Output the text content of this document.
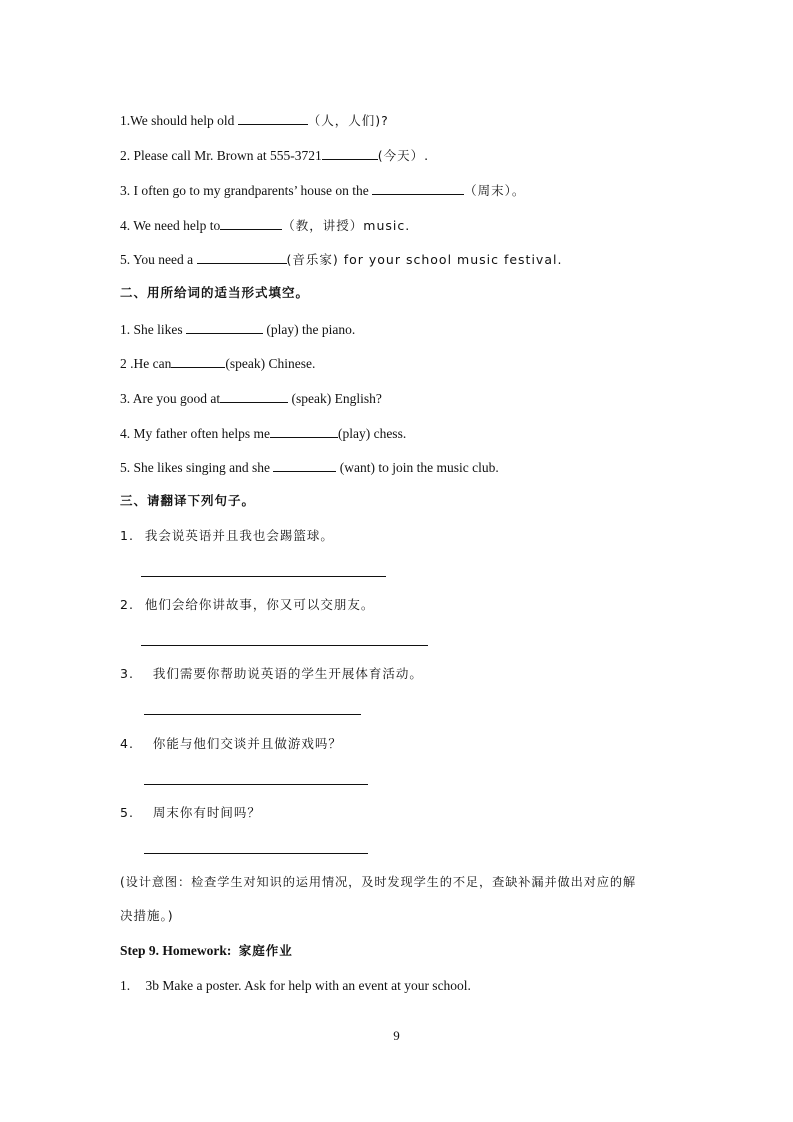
1.We should help old	（人，人们)?
2. Please call Mr. Brown at 555-3721	(今天）.
3. I often go to my grandparents’ house on the	（周末）。
4. We need help to	（教，讲授）music.
5. You need a	(音乐家) for your school music festival.
二、用所给词的适当形式填空。
1. She likes	(play) the piano.
2 .He can	(speak) Chinese.
3. Are you good at	(speak) English?
4. My father often helps me	(play) chess.
5. She likes singing and she	(want) to join the music club.
三、请翻译下列句子。
1. 我会说英语并且我也会踢篮球。
2. 他们会给你讲故事，你又可以交朋友。
3. 我们需要你帮助说英语的学生开展体育活动。
4. 你能与他们交谈并且做游戏吗？
5. 周末你有时间吗？
(设计意图：检查学生对知识的运用情况，及时发现学生的不足，查缺补漏并做出对应的解
决措施。)
Step 9. Homework: 家庭作业
1. 3b Make a poster. Ask for help with an event at your school.
9
